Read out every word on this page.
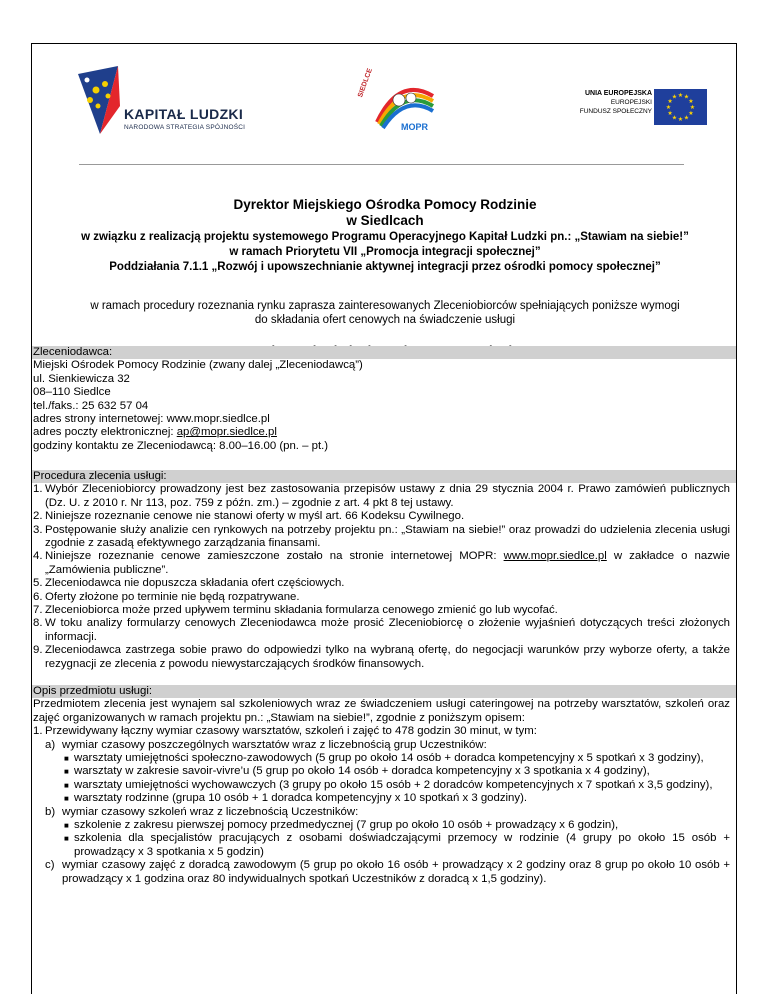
KAPITAŁ LUDZKI
NARODOWA STRATEGIA SPÓJNOŚCI
SIEDLCE
MOPR
UNIA EUROPEJSKA
EUROPEJSKI
FUNDUSZ SPOŁECZNY
★ ★
★
★
★
★
★
★
★
★
★
★
Dyrektor Miejskiego Ośrodka Pomocy Rodzinie
w Siedlcach
w związku z realizacją projektu systemowego Programu Operacyjnego Kapitał Ludzki pn.: „Stawiam na siebie!”
w ramach Priorytetu VII „Promocja integracji społecznej”
Poddziałania 7.1.1 „Rozwój i upowszechnianie aktywnej integracji przez ośrodki pomocy społecznej”
w ramach procedury rozeznania rynku zaprasza zainteresowanych Zleceniobiorców spełniających poniższe wymogi
do składania ofert cenowych na świadczenie usługi
Zleceniodawca:

Miejski Ośrodek Pomocy Rodzinie (zwany dalej „Zleceniodawcą”)

ul. Sienkiewicza 32

08–110 Siedlce

tel./faks.: 25 632 57 04

adres strony internetowej: www.mopr.siedlce.pl

adres poczty elektronicznej: ap@mopr.siedlce.pl

godziny kontaktu ze Zleceniodawcą: 8.00–16.00 (pn. – pt.)

Procedura zlecenia usługi:
1. Wybór Zleceniobiorcy prowadzony jest bez zastosowania przepisów ustawy z dnia 29 stycznia 2004 r. Prawo zamówień publicznych (Dz. U. z 2010 r. Nr 113, poz. 759 z późn. zm.) – zgodnie z art. 4 pkt 8 tej ustawy.
2. Niniejsze rozeznanie cenowe nie stanowi oferty w myśl art. 66 Kodeksu Cywilnego.
3. Postępowanie służy analizie cen rynkowych na potrzeby projektu pn.: „Stawiam na siebie!” oraz prowadzi do udzielenia zlecenia usługi zgodnie z zasadą efektywnego zarządzania finansami.
4. Niniejsze rozeznanie cenowe zamieszczone zostało na stronie internetowej MOPR: www.mopr.siedlce.pl w zakładce o nazwie „Zamówienia publiczne”.
5. Zleceniodawca nie dopuszcza składania ofert częściowych.
6. Oferty złożone po terminie nie będą rozpatrywane.
7. Zleceniobiorca może przed upływem terminu składania formularza cenowego zmienić go lub wycofać.
8. W toku analizy formularzy cenowych Zleceniodawca może prosić Zleceniobiorcę o złożenie wyjaśnień dotyczących treści złożonych informacji.
9. Zleceniodawca zastrzega sobie prawo do odpowiedzi tylko na wybraną ofertę, do negocjacji warunków przy wyborze oferty, a także rezygnacji ze zlecenia z powodu niewystarczających środków finansowych.
Opis przedmiotu usługi:

Przedmiotem zlecenia jest wynajem sal szkoleniowych wraz ze świadczeniem usługi cateringowej na potrzeby warsztatów, szkoleń oraz zajęć organizowanych w ramach projektu pn.: „Stawiam na siebie!”, zgodnie z poniższym opisem:

1. Przewidywany łączny wymiar czasowy warsztatów, szkoleń i zajęć to 478 godzin 30 minut, w tym:
a) wymiar czasowy poszczególnych warsztatów wraz z liczebnością grup Uczestników:
■ warsztaty umiejętności społeczno-zawodowych (5 grup po około 14 osób + doradca kompetencyjny x 5 spotkań x 3 godziny),
■ warsztaty w zakresie savoir-vivre’u (5 grup po około 14 osób + doradca kompetencyjny x 3 spotkania x 4 godziny),
■ warsztaty umiejętności wychowawczych (3 grupy po około 15 osób + 2 doradców kompetencyjnych x 7 spotkań x 3,5 godziny),
■ warsztaty rodzinne (grupa 10 osób + 1 doradca kompetencyjny x 10 spotkań x 3 godziny).
b) wymiar czasowy szkoleń wraz z liczebnością Uczestników:
■ szkolenie z zakresu pierwszej pomocy przedmedycznej (7 grup po około 10 osób + prowadzący x 6 godzin),
■ szkolenia dla specjalistów pracujących z osobami doświadczającymi przemocy w rodzinie (4 grupy po około 15 osób + prowadzący x 3 spotkania x 5 godzin)
c) wymiar czasowy zajęć z doradcą zawodowym (5 grup po około 16 osób + prowadzący x 2 godziny oraz 8 grup po około 10 osób + prowadzący x 1 godzina oraz 80 indywidualnych spotkań Uczestników z doradcą x 1,5 godziny).
